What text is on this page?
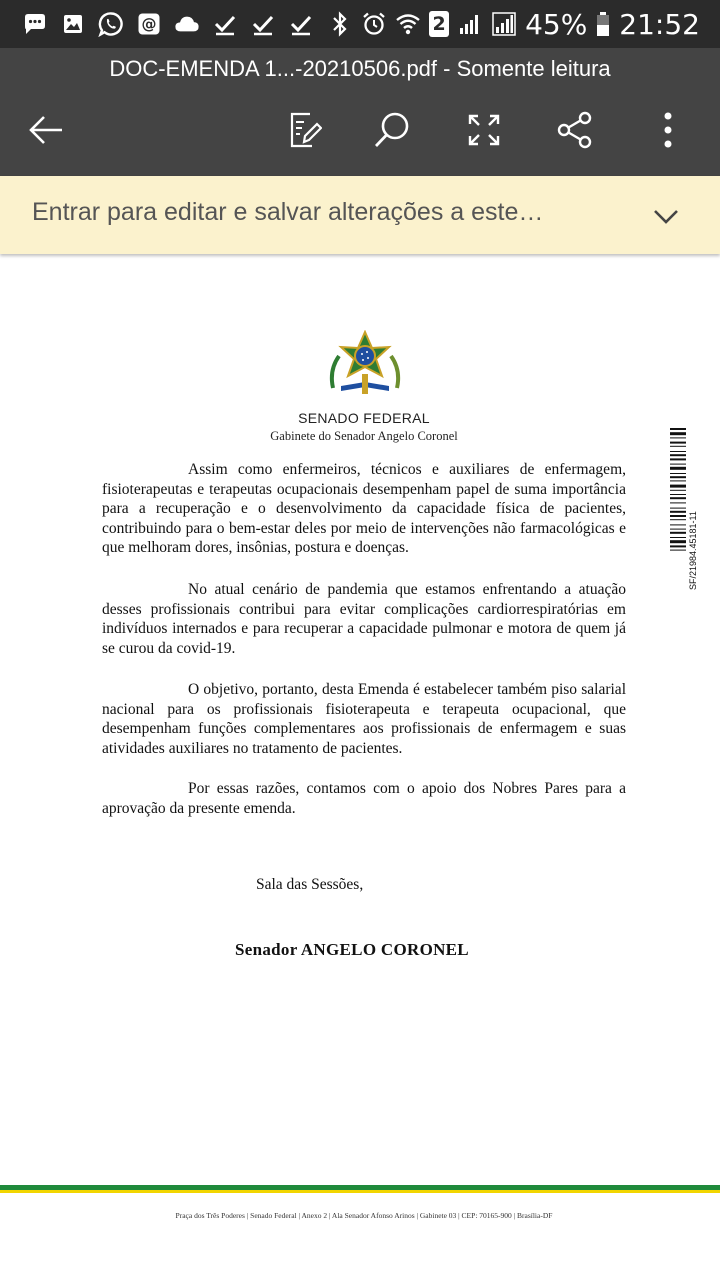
@	2	45% 21:52
DOC-EMENDA 1...-20210506.pdf - Somente leitura
Entrar para editar e salvar alterações a este…
SENADO FEDERAL
Gabinete do Senador Angelo Coronel

Assim como enfermeiros, técnicos e auxiliares de enfermagem, fisioterapeutas e terapeutas ocupacionais desempenham papel de suma importância para a recuperação e o desenvolvimento da capacidade física de pacientes, contribuindo para o bem-estar deles por meio de intervenções não farmacológicas e que melhoram dores, insônias, postura e doenças.

No atual cenário de pandemia que estamos enfrentando a atuação desses profissionais contribui para evitar complicações cardiorrespiratórias em indivíduos internados e para recuperar a capacidade pulmonar e motora de quem já se curou da covid-19.

O objetivo, portanto, desta Emenda é estabelecer também piso salarial nacional para os profissionais fisioterapeuta e terapeuta ocupacional, que desempenham funções complementares aos profissionais de enfermagem e suas atividades auxiliares no tratamento de pacientes.

Por essas razões, contamos com o apoio dos Nobres Pares para a aprovação da presente emenda.

Sala das Sessões,
Senador ANGELO CORONEL
SF/21984.45181-11
Praça dos Três Poderes | Senado Federal | Anexo 2 | Ala Senador Afonso Arinos | Gabinete 03 | CEP: 70165-900 | Brasília-DF
